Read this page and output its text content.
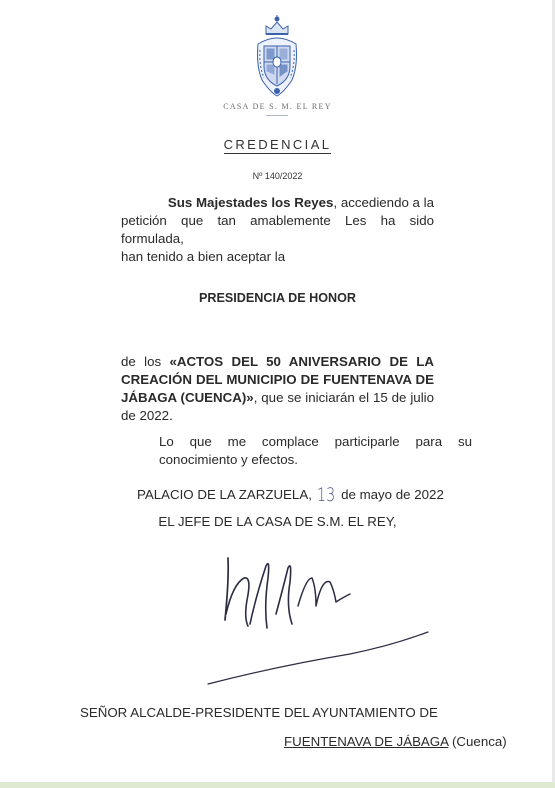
CASA DE S. M. EL REY
CREDENCIAL
Nº 140/2022
Sus Majestades los Reyes, accediendo a la
petición que tan amablemente Les ha sido formulada,
han tenido a bien aceptar la
PRESIDENCIA DE HONOR
de los «ACTOS DEL 50 ANIVERSARIO DE LA CREACIÓN DEL MUNICIPIO DE FUENTENAVA DE JÁBAGA (CUENCA)», que se iniciarán el 15 de julio de 2022.
Lo que me complace participarle para su conocimiento y efectos.
PALACIO DE LA ZARZUELA, 13 de mayo de 2022
EL JEFE DE LA CASA DE S.M. EL REY,
SEÑOR ALCALDE-PRESIDENTE DEL AYUNTAMIENTO DE
FUENTENAVA DE JÁBAGA (Cuenca)
